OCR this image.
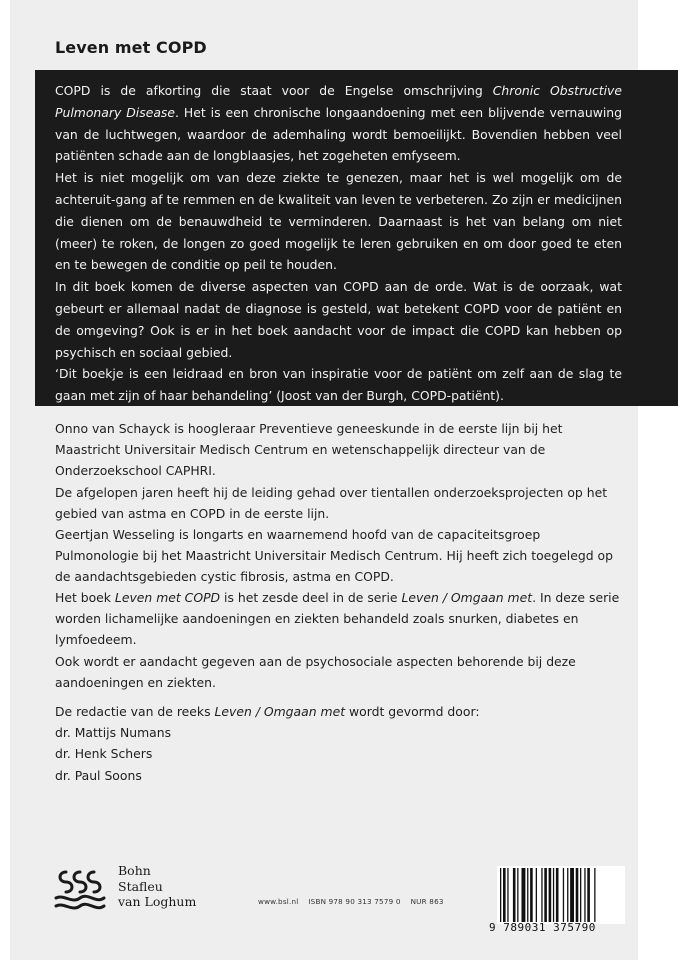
Leven met COPD

COPD is de afkorting die staat voor de Engelse omschrijving Chronic Obstructive Pulmonary Disease. Het is een chronische longaandoening met een blijvende vernauwing van de luchtwegen, waardoor de ademhaling wordt bemoeilijkt. Bovendien hebben veel patiënten schade aan de longblaasjes, het zogeheten emfyseem.

Het is niet mogelijk om van deze ziekte te genezen, maar het is wel mogelijk om de achteruit-gang af te remmen en de kwaliteit van leven te verbeteren. Zo zijn er medicijnen die dienen om de benauwdheid te verminderen. Daarnaast is het van belang om niet (meer) te roken, de longen zo goed mogelijk te leren gebruiken en om door goed te eten en te bewegen de conditie op peil te houden.

In dit boek komen de diverse aspecten van COPD aan de orde. Wat is de oorzaak, wat gebeurt er allemaal nadat de diagnose is gesteld, wat betekent COPD voor de patiënt en de omgeving? Ook is er in het boek aandacht voor de impact die COPD kan hebben op psychisch en sociaal gebied.

‘Dit boekje is een leidraad en bron van inspiratie voor de patiënt om zelf aan de slag te gaan met zijn of haar behandeling’ (Joost van der Burgh, COPD-patiënt).

Onno van Schayck is hoogleraar Preventieve geneeskunde in de eerste lijn bij het Maastricht Universitair Medisch Centrum en wetenschappelijk directeur van de Onderzoekschool CAPHRI.

De afgelopen jaren heeft hij de leiding gehad over tientallen onderzoeksprojecten op het gebied van astma en COPD in de eerste lijn.

Geertjan Wesseling is longarts en waarnemend hoofd van de capaciteitsgroep Pulmonologie bij het Maastricht Universitair Medisch Centrum. Hij heeft zich toegelegd op de aandachtsgebieden cystic fibrosis, astma en COPD.

Het boek Leven met COPD is het zesde deel in de serie Leven / Omgaan met. In deze serie worden lichamelijke aandoeningen en ziekten behandeld zoals snurken, diabetes en lymfoedeem.

Ook wordt er aandacht gegeven aan de psychosociale aspecten behorende bij deze aandoeningen en ziekten.

De redactie van de reeks Leven / Omgaan met wordt gevormd door:

dr. Mattijs Numans

dr. Henk Schers

dr. Paul Soons

Bohn
Stafleu
van Loghum	www.bsl.nl ISBN 978 90 313 7579 0 NUR 863
9 789031 375790
